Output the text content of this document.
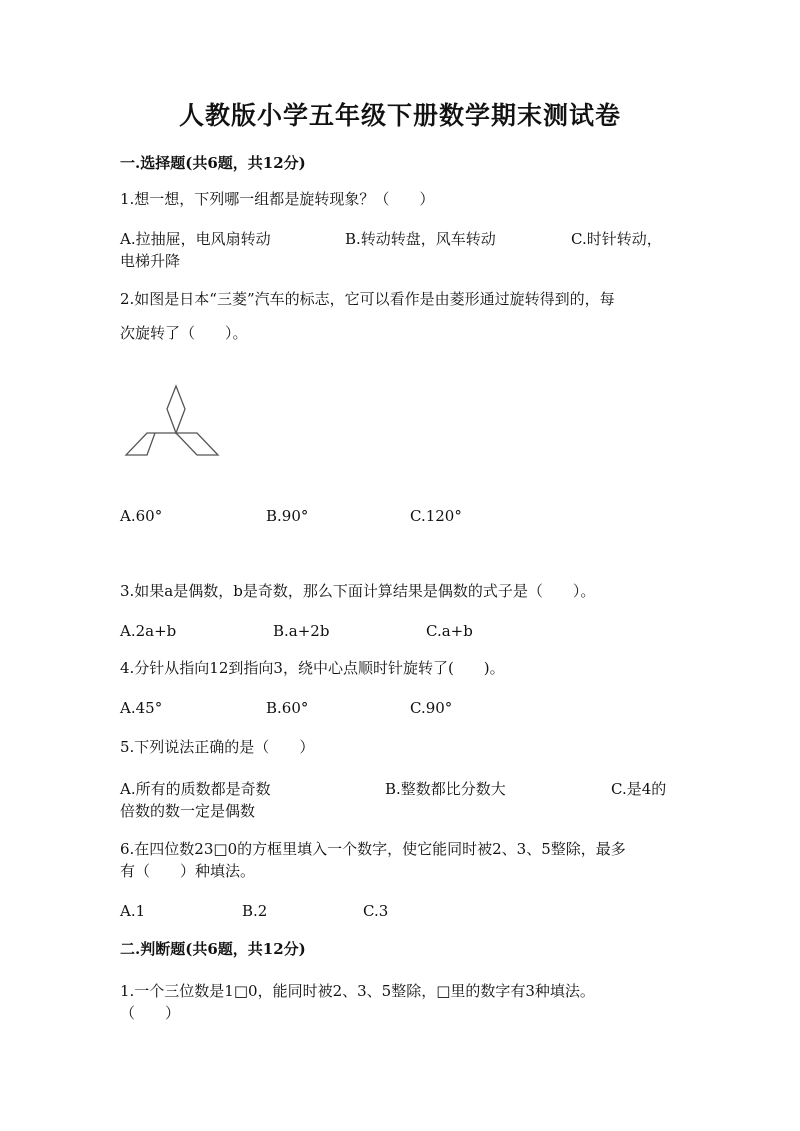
人教版小学五年级下册数学期末测试卷
一.选择题(共6题，共12分)
1.想一想，下列哪一组都是旋转现象？（　　）
A.拉抽屉，电风扇转动	B.转动转盘，风车转动	C.时针转动，
电梯升降
2.如图是日本“三菱”汽车的标志，它可以看作是由菱形通过旋转得到的，每
次旋转了（　　）。
A.60°	B.90°	C.120°
3.如果a是偶数，b是奇数，那么下面计算结果是偶数的式子是（　　）。
A.2a+b	B.a+2b	C.a+b
4.分针从指向12到指向3，绕中心点顺时针旋转了(　　)。
A.45°	B.60°	C.90°
5.下列说法正确的是（　　）
A.所有的质数都是奇数	B.整数都比分数大	C.是4的
倍数的数一定是偶数
6.在四位数23□0的方框里填入一个数字，使它能同时被2、3、5整除，最多
有（　　）种填法。
A.1	B.2	C.3
二.判断题(共6题，共12分)
1.一个三位数是1□0，能同时被2、3、5整除，□里的数字有3种填法。
（　　）
